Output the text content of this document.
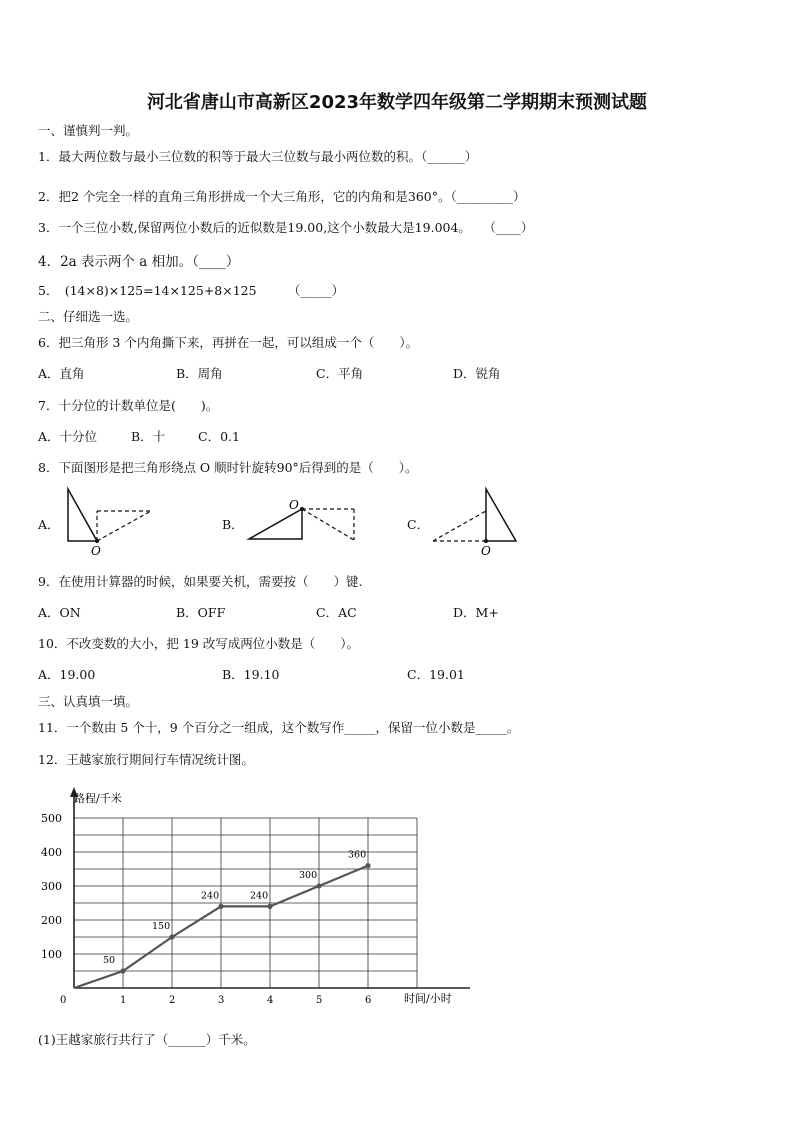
河北省唐山市高新区2023年数学四年级第二学期期末预测试题
一、谨慎判一判。
1．最大两位数与最小三位数的积等于最大三位数与最小两位数的积。（______）
2．把2 个完全一样的直角三角形拼成一个大三角形，它的内角和是360°。（_________）
3．一个三位小数,保留两位小数后的近似数是19.00,这个小数最大是19.004。　　（____）
4．2a 表示两个 a 相加。（____）
5．　(14×8)×125=14×125+8×125　　　（_____）
二、仔细选一选。
6．把三角形 3 个内角撕下来，再拼在一起，可以组成一个（　　）。
A．直角	B．周角	C．平角	D．锐角
7．十分位的计数单位是(　　)。
A．十分位	B．十	C．0.1
8．下面图形是把三角形绕点 O 顺时针旋转90°后得到的是（　　）。
A．
O
B．
O
C．
O
9．在使用计算器的时候，如果要关机，需要按（　　）键.
A．ON	B．OFF	C．AC	D．M+
10．不改变数的大小，把 19 改写成两位小数是（　　）。
A．19.00	B．19.10	C．19.01
三、认真填一填。
11．一个数由 5 个十，9 个百分之一组成，这个数写作_____，保留一位小数是_____。
12．王越家旅行期间行车情况统计图。
0	1	2	3	4	5	6
100
200
300
400
500
50
150
240	240
300
360
路程/千米
时间/小时
(1)王越家旅行共行了（______）千米。
